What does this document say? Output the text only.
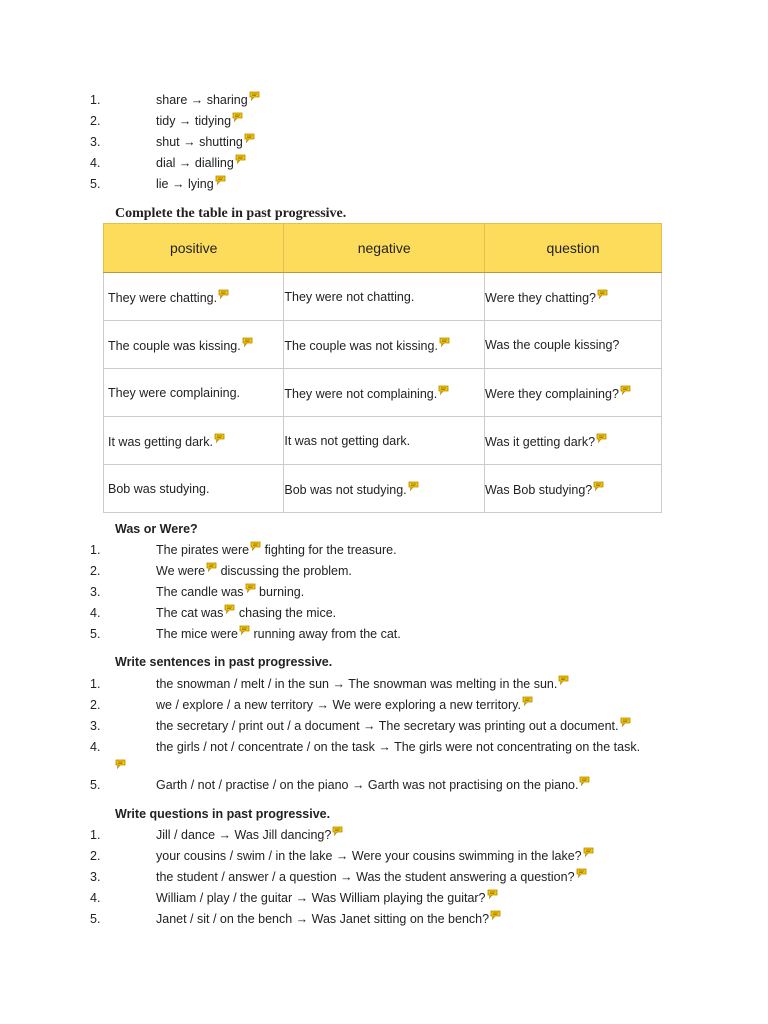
1.	share → sharing
2.	tidy → tidying
3.	shut → shutting
4.	dial → dialling
5.	lie → lying
Complete the table in past progressive.
positive	negative	question
They were chatting.	They were not chatting.	Were they chatting?

The couple was kissing.	The couple was not kissing.	Was the couple kissing?
They were complaining.	They were not complaining.	Were they complaining?

It was getting dark.	It was not getting dark.	Was it getting dark?

Bob was studying.	Bob was not studying.	Was Bob studying?
Was or Were?
1.	The pirates were
fighting for the treasure.
2.	We were
discussing the problem.
3.	The candle was
burning.
4.	The cat was
chasing the mice.
5.	The mice were
running away from the cat.
Write sentences in past progressive.
1.	the snowman / melt / in the sun → The snowman was melting in the sun.
2.	we / explore / a new territory → We were exploring a new territory.
3.	the secretary / print out / a document → The secretary was printing out a document.
4.	the girls / not / concentrate / on the task → The girls were not concentrating on the task.
5.	Garth / not / practise / on the piano → Garth was not practising on the piano.
Write questions in past progressive.
1.	Jill / dance → Was Jill dancing?
2.	your cousins / swim / in the lake → Were your cousins swimming in the lake?
3.	the student / answer / a question → Was the student answering a question?
4.	William / play / the guitar → Was William playing the guitar?
5.	Janet / sit / on the bench → Was Janet sitting on the bench?
